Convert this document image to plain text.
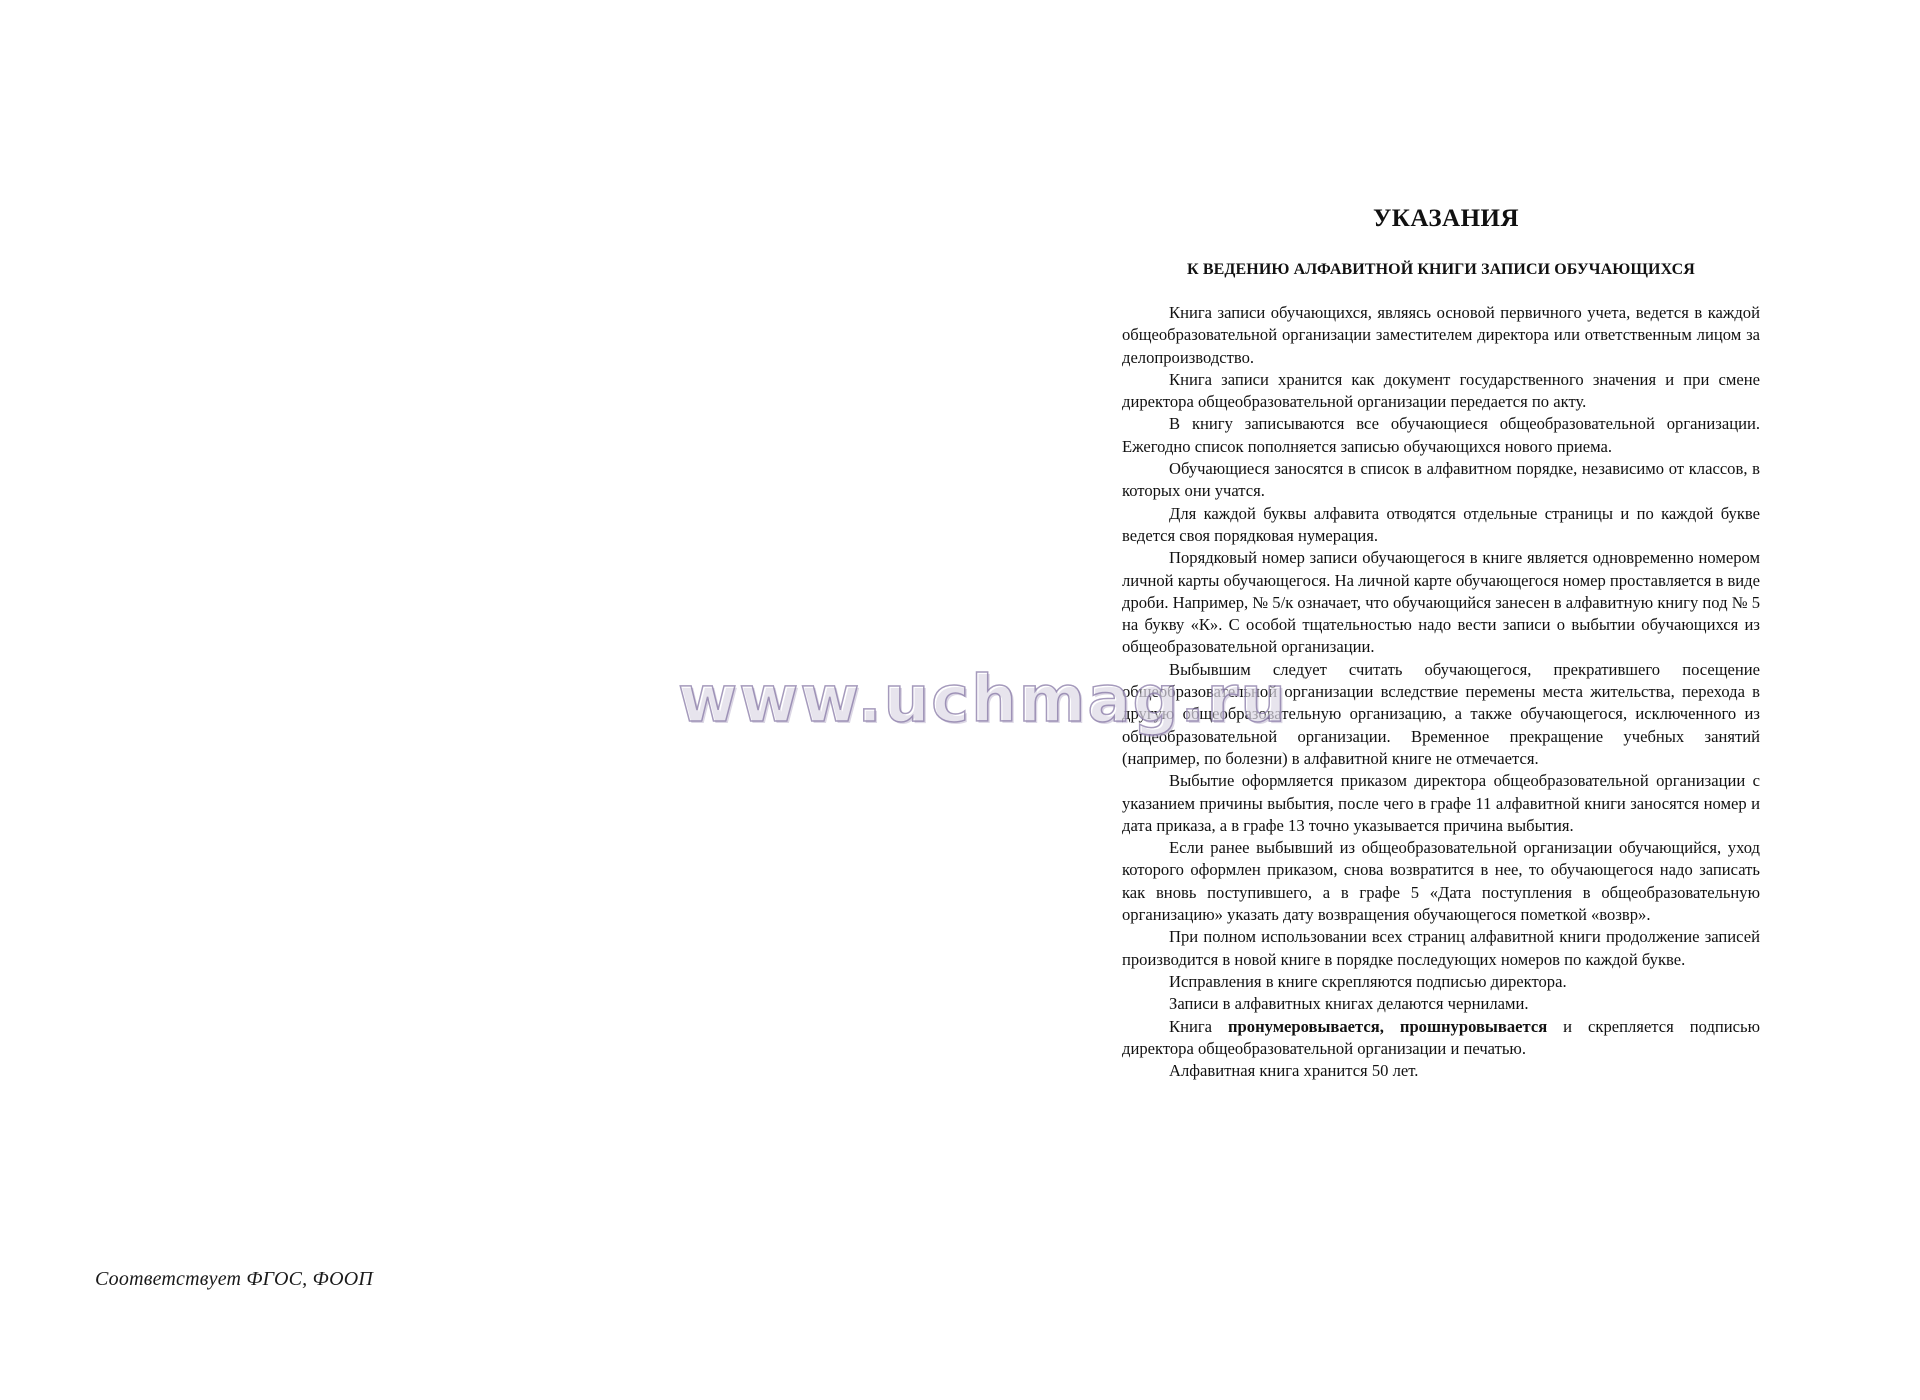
Соответствует ФГОС, ФООП
УКАЗАНИЯ
К ВЕДЕНИЮ АЛФАВИТНОЙ КНИГИ ЗАПИСИ ОБУЧАЮЩИХСЯ

Книга записи обучающихся, являясь основой первичного учета, ведется в каждой общеобразовательной организации заместителем директора или ответственным лицом за делопроизводство.

Книга записи хранится как документ государственного значения и при смене директора общеобразовательной организации передается по акту.

В книгу записываются все обучающиеся общеобразовательной организации. Ежегодно список пополняется записью обучающихся нового приема.

Обучающиеся заносятся в список в алфавитном порядке, независимо от классов, в которых они учатся.

Для каждой буквы алфавита отводятся отдельные страницы и по каждой букве ведется своя порядковая нумерация.

Порядковый номер записи обучающегося в книге является одновременно номером личной карты обучающегося. На личной карте обучающегося номер проставляется в виде дроби. Например, № 5/к означает, что обучающийся занесен в алфавитную книгу под № 5 на букву «К». С особой тщательностью надо вести записи о выбытии обучающихся из общеобразовательной организации.

Выбывшим следует считать обучающегося, прекратившего посещение общеобразовательной организации вследствие перемены места жительства, перехода в другую общеобразовательную организацию, а также обучающегося, исключенного из общеобразовательной организации. Временное прекращение учебных занятий (например, по болезни) в алфавитной книге не отмечается.

Выбытие оформляется приказом директора общеобразовательной организации с указанием причины выбытия, после чего в графе 11 алфавитной книги заносятся номер и дата приказа, а в графе 13 точно указывается причина выбытия.

Если ранее выбывший из общеобразовательной организации обучающийся, уход которого оформлен приказом, снова возвратится в нее, то обучающегося надо записать как вновь поступившего, а в графе 5 «Дата поступления в общеобразовательную организацию» указать дату возвращения обучающегося пометкой «возвр».

При полном использовании всех страниц алфавитной книги продолжение записей производится в новой книге в порядке последующих номеров по каждой букве.

Исправления в книге скрепляются подписью директора.

Записи в алфавитных книгах делаются чернилами.

Книга пронумеровывается, прошнуровывается и скрепляется подписью директора общеобразовательной организации и печатью.

Алфавитная книга хранится 50 лет.

www.uchmag.ru
